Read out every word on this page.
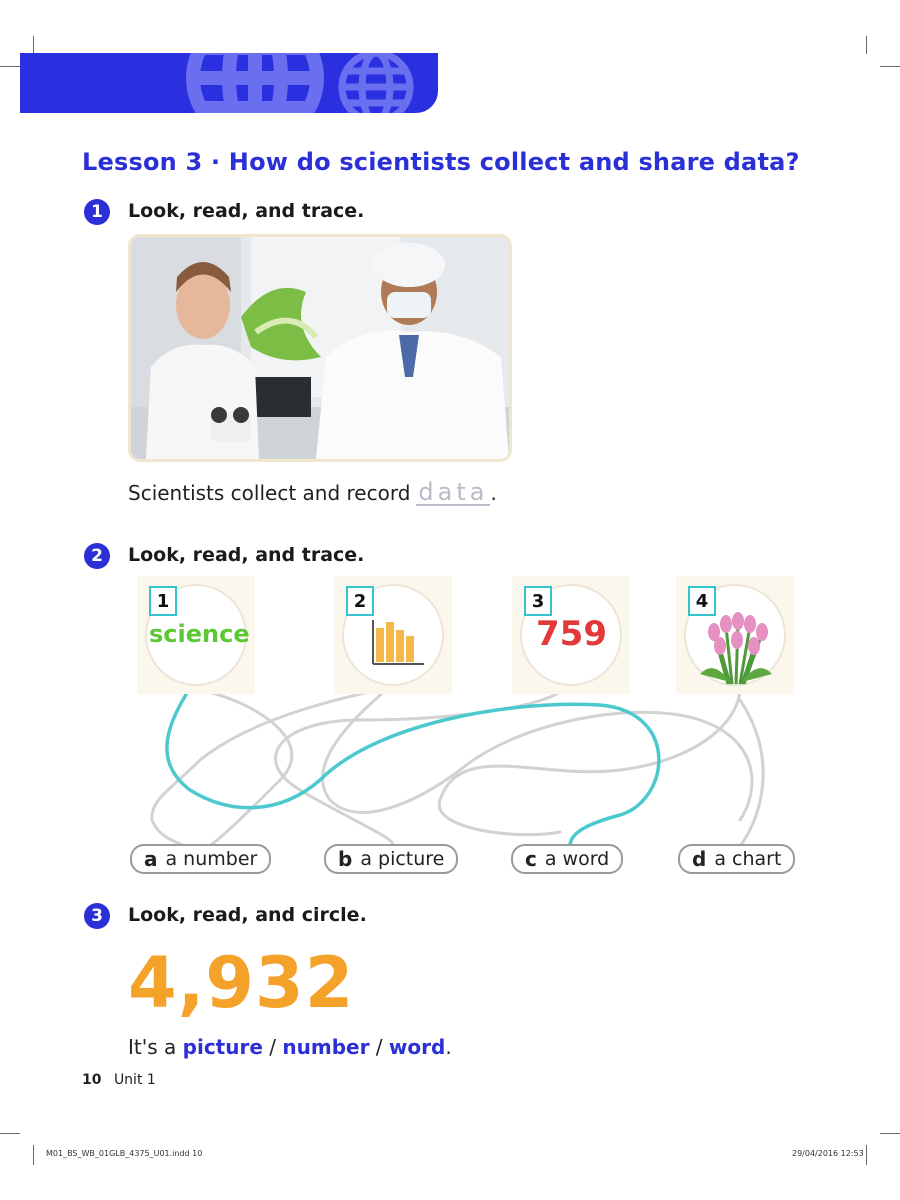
Lesson 3 · How do scientists collect and share data?
1	Look, read, and trace.
Scientists collect and record data .
2	Look, read, and trace.
1
science
2	3
759
4
a a number	b a picture	c a word	d a chart
3	Look, read, and circle.
4,932
It's a picture / number / word.
10 Unit 1
M01_BS_WB_01GLB_4375_U01.indd 10	29/04/2016 12:53
